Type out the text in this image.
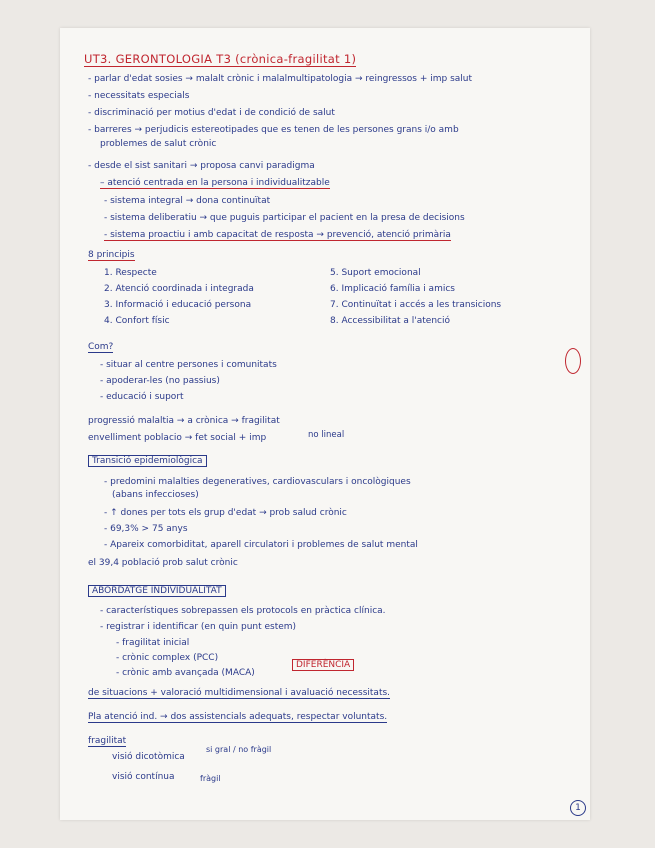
UT3. GERONTOLOGIA T3 (crònica-fragilitat 1)
- parlar d'edat sosies → malalt crònic i malalmultipatologia → reingressos + imp salut
- necessitats especials
- discriminació per motius d'edat i de condició de salut
- barreres → perjudicis estereotipades que es tenen de les persones grans i/o amb
problemes de salut crònic
- desde el sist sanitari → proposa canvi paradigma
– atenció centrada en la persona i individualitzable
- sistema integral → dona continuïtat
- sistema deliberatiu → que puguis participar el pacient en la presa de decisions
- sistema proactiu i amb capacitat de resposta → prevenció, atenció primària
8 principis
1. Respecte
2. Atenció coordinada i integrada
3. Informació i educació persona
4. Confort físic
5. Suport emocional
6. Implicació família i amics
7. Continuïtat i accés a les transicions
8. Accessibilitat a l'atenció
Com?
- situar al centre persones i comunitats
- apoderar-les (no passius)
- educació i suport
progressió malaltia → a crònica → fragilitat
envelliment poblacio → fet social + imp	no lineal
Transició epidemiològica
- predomini malalties degeneratives, cardiovasculars i oncològiques
(abans infeccioses)
- ↑ dones per tots els grup d'edat → prob salud crònic
- 69,3% > 75 anys
- Apareix comorbiditat, aparell circulatori i problemes de salut mental
el 39,4 població prob salut crònic
ABORDATGE INDIVIDUALITAT
- característiques sobrepassen els protocols en pràctica clínica.
- registrar i identificar (en quin punt estem)
- fragilitat inicial
- crònic complex (PCC)
- crònic amb avançada (MACA)
DIFERÈNCIA
de situacions + valoració multidimensional i avaluació necessitats.
Pla atenció ind. → dos assistencials adequats, respectar voluntats.
fragilitat
visió dicotòmica
si gral / no fràgil
visió contínua	fràgil
1
